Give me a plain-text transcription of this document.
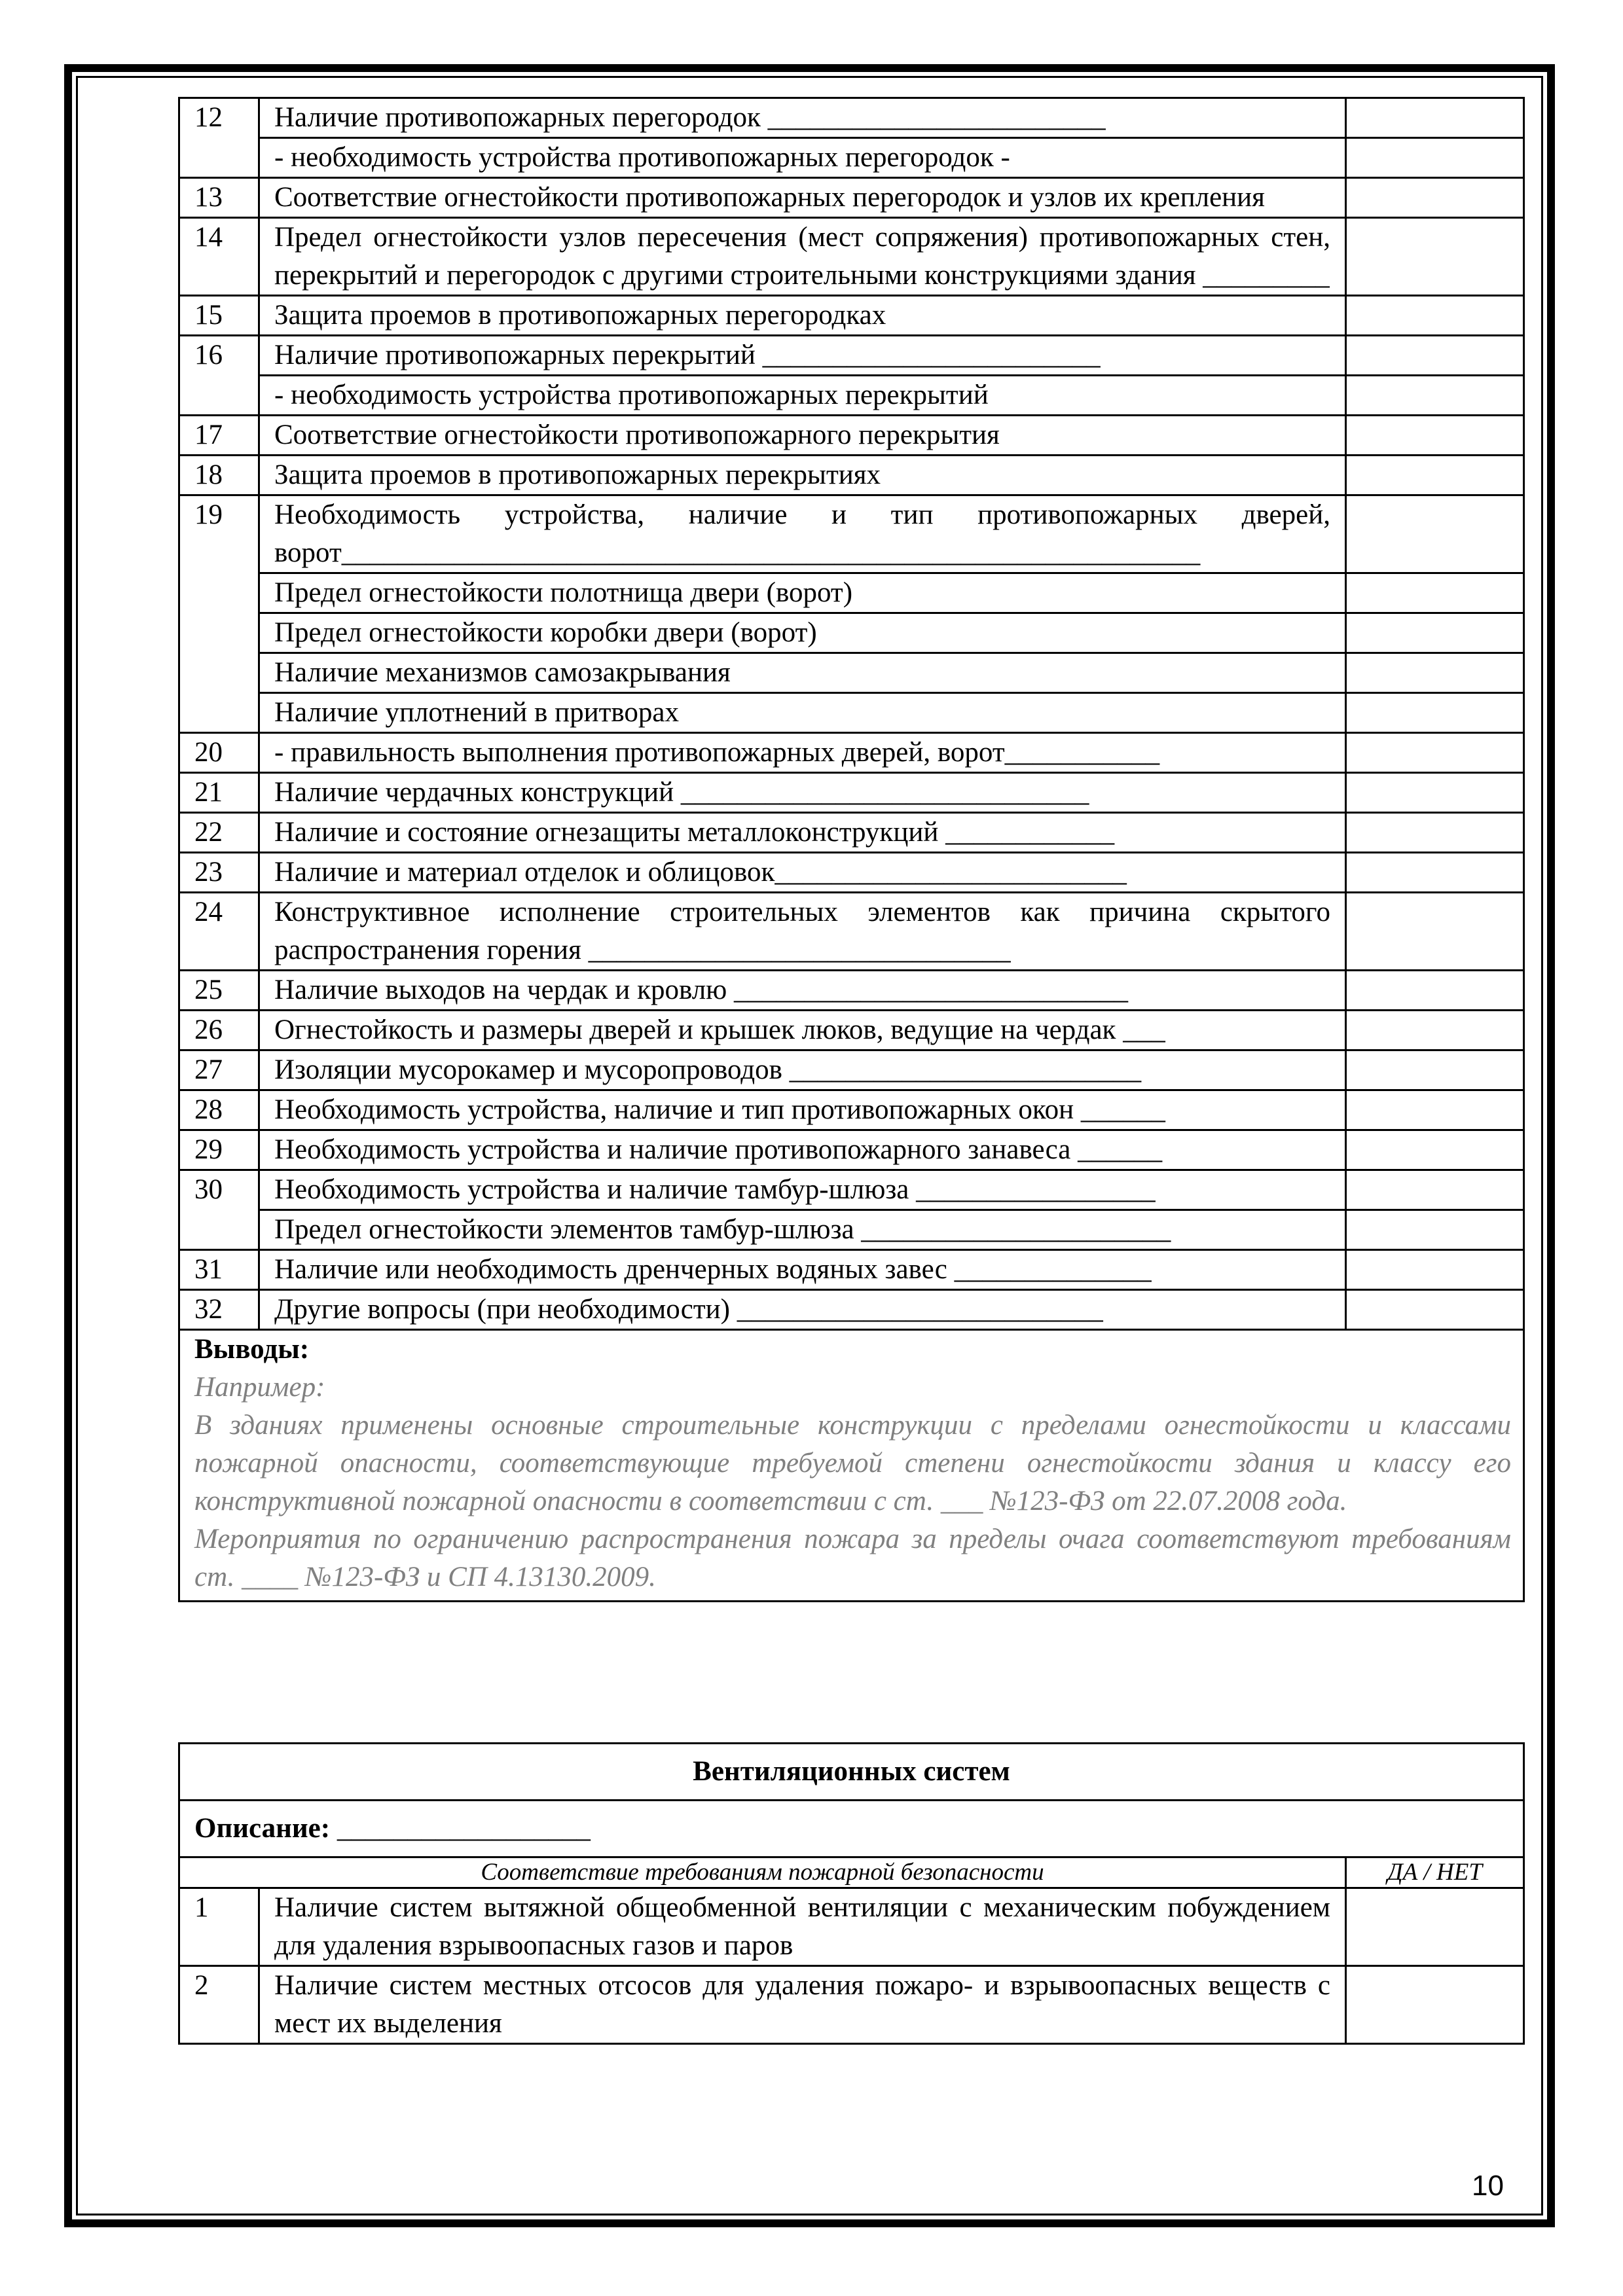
12	Наличие противопожарных перегородок ________________________	
	- необходимость устройства противопожарных перегородок -	
13	Соответствие огнестойкости противопожарных перегородок и узлов их крепления	
14	Предел огнестойкости узлов пересечения (мест сопряжения) противопожарных стен, перекрытий и перегородок с другими строительными конструкциями здания _________	
15	Защита проемов в противопожарных перегородках	
16	Наличие противопожарных перекрытий ________________________	
	- необходимость устройства противопожарных перекрытий	
17	Соответствие огнестойкости противопожарного перекрытия	
18	Защита проемов в противопожарных перекрытиях	
19	Необходимость устройства, наличие и тип противопожарных дверей, ворот_____________________________________________________________	
	Предел огнестойкости полотнища двери (ворот)	
	Предел огнестойкости коробки двери (ворот)	
	Наличие механизмов самозакрывания	
	Наличие уплотнений в притворах	
20	- правильность выполнения противопожарных дверей, ворот___________	
21	Наличие чердачных конструкций _____________________________	
22	Наличие и состояние огнезащиты металлоконструкций ____________	
23	Наличие и материал отделок и облицовок_________________________	
24	Конструктивное исполнение строительных элементов как причина скрытого распространения горения ______________________________	
25	Наличие выходов на чердак и кровлю ____________________________	
26	Огнестойкость и размеры дверей и крышек люков, ведущие на чердак ___	
27	Изоляции мусорокамер и мусоропроводов _________________________	
28	Необходимость устройства, наличие и тип противопожарных окон ______	
29	Необходимость устройства и наличие противопожарного занавеса ______	
30	Необходимость устройства и наличие тамбур-шлюза _________________	
	Предел огнестойкости элементов тамбур-шлюза ______________________	
31	Наличие или необходимость дренчерных водяных завес ______________	
32	Другие вопросы (при необходимости) __________________________	

Выводы:
Например:
В зданиях применены основные строительные конструкции с пределами огнестойкости и классами пожарной опасности, соответствующие требуемой степени огнестойкости здания и классу его конструктивной пожарной опасности в соответствии с ст. ___ №123-ФЗ от 22.07.2008 года.
Мероприятия по ограничению распространения пожара за пределы очага соответствуют требованиям ст. ____ №123-ФЗ и СП 4.13130.2009.		
Вентиляционных систем		
Описание: __________________		
Соответствие требованиям пожарной безопасности		ДА / НЕТ
1	Наличие систем вытяжной общеобменной вентиляции с механическим побуждением для удаления взрывоопасных газов и паров	
2	Наличие систем местных отсосов для удаления пожаро- и взрывоопасных веществ с мест их выделения	
10
